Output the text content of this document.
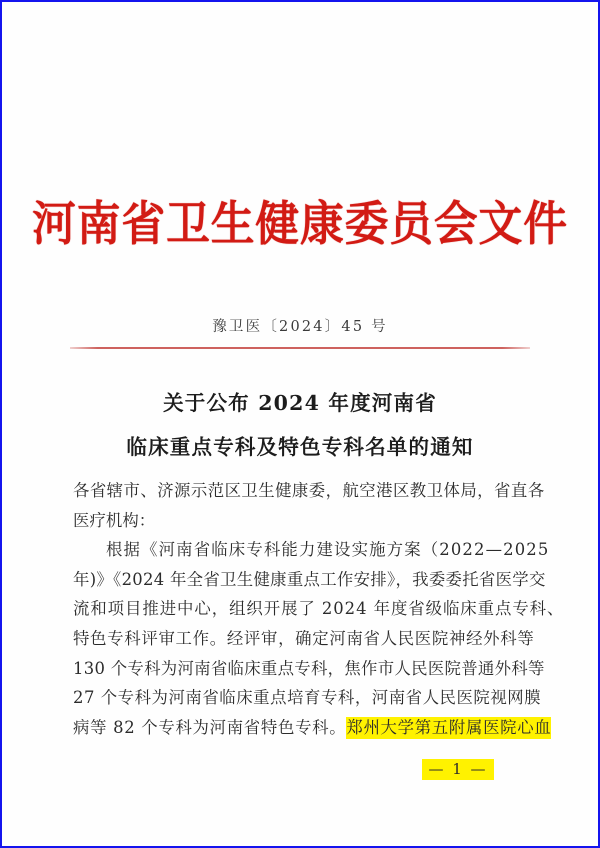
河南省卫生健康委员会文件
豫卫医〔2024〕45 号
关于公布 2024 年度河南省
临床重点专科及特色专科名单的通知
各省辖市、济源示范区卫生健康委，航空港区教卫体局，省直各
医疗机构：
根据《河南省临床专科能力建设实施方案（2022—2025
年)》《2024 年全省卫生健康重点工作安排》，我委委托省医学交
流和项目推进中心，组织开展了 2024 年度省级临床重点专科、
特色专科评审工作。经评审，确定河南省人民医院神经外科等
130 个专科为河南省临床重点专科，焦作市人民医院普通外科等
27 个专科为河南省临床重点培育专科，河南省人民医院视网膜
病等 82 个专科为河南省特色专科。郑州大学第五附属医院心血
— 1 —
